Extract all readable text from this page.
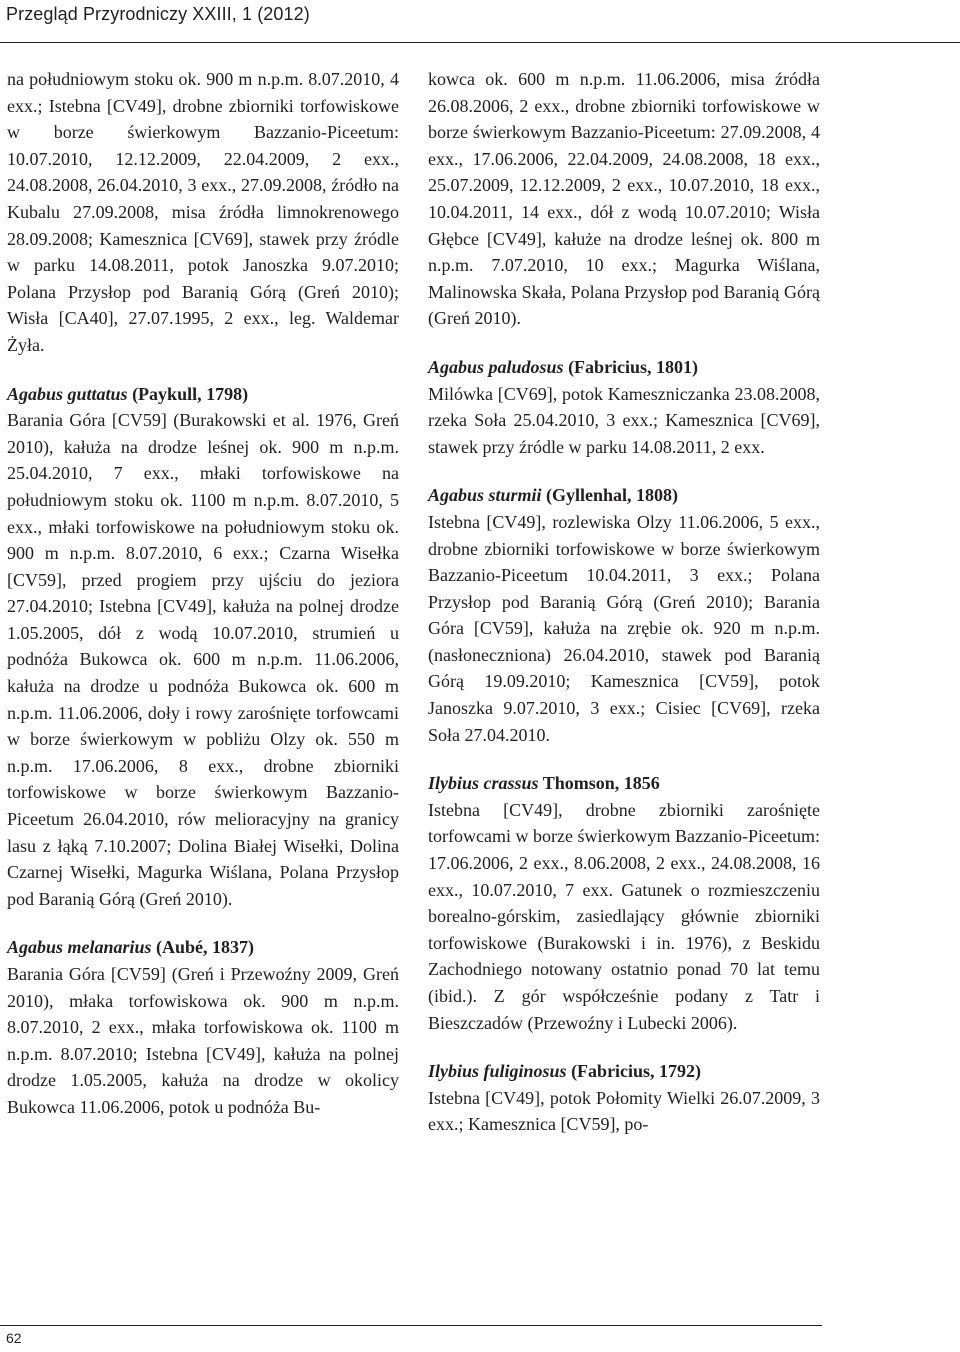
Przegląd Przyrodniczy XXIII, 1 (2012)

na południowym stoku ok. 900 m n.p.m. 8.07.2010, 4 exx.; Istebna [CV49], drobne zbiorniki torfowiskowe w borze świerkowym Bazzanio-Piceetum: 10.07.2010, 12.12.2009, 22.04.2009, 2 exx., 24.08.2008, 26.04.2010, 3 exx., 27.09.2008, źródło na Kubalu 27.09.2008, misa źródła limnokrenowego 28.09.2008; Kamesznica [CV69], stawek przy źródle w parku 14.08.2011, potok Janoszka 9.07.2010; Polana Przysłop pod Baranią Górą (Greń 2010); Wisła [CA40], 27.07.1995, 2 exx., leg. Waldemar Żyła.

Agabus guttatus (Paykull, 1798)

Barania Góra [CV59] (Burakowski et al. 1976, Greń 2010), kałuża na drodze leśnej ok. 900 m n.p.m. 25.04.2010, 7 exx., młaki torfowiskowe na południowym stoku ok. 1100 m n.p.m. 8.07.2010, 5 exx., młaki torfowiskowe na południowym stoku ok. 900 m n.p.m. 8.07.2010, 6 exx.; Czarna Wisełka [CV59], przed progiem przy ujściu do jeziora 27.04.2010; Istebna [CV49], kałuża na polnej drodze 1.05.2005, dół z wodą 10.07.2010, strumień u podnóża Bukowca ok. 600 m n.p.m. 11.06.2006, kałuża na drodze u podnóża Bukowca ok. 600 m n.p.m. 11.06.2006, doły i rowy zarośnięte torfowcami w borze świerkowym w pobliżu Olzy ok. 550 m n.p.m. 17.06.2006, 8 exx., drobne zbiorniki torfowiskowe w borze świerkowym Bazzanio-Piceetum 26.04.2010, rów melioracyjny na granicy lasu z łąką 7.10.2007; Dolina Białej Wisełki, Dolina Czarnej Wisełki, Magurka Wiślana, Polana Przysłop pod Baranią Górą (Greń 2010).

Agabus melanarius (Aubé, 1837)

Barania Góra [CV59] (Greń i Przewoźny 2009, Greń 2010), młaka torfowiskowa ok. 900 m n.p.m. 8.07.2010, 2 exx., młaka torfowiskowa ok. 1100 m n.p.m. 8.07.2010; Istebna [CV49], kałuża na polnej drodze 1.05.2005, kałuża na drodze w okolicy Bukowca 11.06.2006, potok u podnóża Bu-

kowca ok. 600 m n.p.m. 11.06.2006, misa źródła 26.08.2006, 2 exx., drobne zbiorniki torfowiskowe w borze świerkowym Bazzanio-Piceetum: 27.09.2008, 4 exx., 17.06.2006, 22.04.2009, 24.08.2008, 18 exx., 25.07.2009, 12.12.2009, 2 exx., 10.07.2010, 18 exx., 10.04.2011, 14 exx., dół z wodą 10.07.2010; Wisła Głębce [CV49], kałuże na drodze leśnej ok. 800 m n.p.m. 7.07.2010, 10 exx.; Magurka Wiślana, Malinowska Skała, Polana Przysłop pod Baranią Górą (Greń 2010).

Agabus paludosus (Fabricius, 1801)

Milówka [CV69], potok Kameszniczanka 23.08.2008, rzeka Soła 25.04.2010, 3 exx.; Kamesznica [CV69], stawek przy źródle w parku 14.08.2011, 2 exx.

Agabus sturmii (Gyllenhal, 1808)

Istebna [CV49], rozlewiska Olzy 11.06.2006, 5 exx., drobne zbiorniki torfowiskowe w borze świerkowym Bazzanio-Piceetum 10.04.2011, 3 exx.; Polana Przysłop pod Baranią Górą (Greń 2010); Barania Góra [CV59], kałuża na zrębie ok. 920 m n.p.m. (nasłoneczniona) 26.04.2010, stawek pod Baranią Górą 19.09.2010; Kamesznica [CV59], potok Janoszka 9.07.2010, 3 exx.; Cisiec [CV69], rzeka Soła 27.04.2010.

Ilybius crassus Thomson, 1856

Istebna [CV49], drobne zbiorniki zarośnięte torfowcami w borze świerkowym Bazzanio-Piceetum: 17.06.2006, 2 exx., 8.06.2008, 2 exx., 24.08.2008, 16 exx., 10.07.2010, 7 exx. Gatunek o rozmieszczeniu borealno-górskim, zasiedlający głównie zbiorniki torfowiskowe (Burakowski i in. 1976), z Beskidu Zachodniego notowany ostatnio ponad 70 lat temu (ibid.). Z gór współcześnie podany z Tatr i Bieszczadów (Przewoźny i Lubecki 2006).

Ilybius fuliginosus (Fabricius, 1792)

Istebna [CV49], potok Połomity Wielki 26.07.2009, 3 exx.; Kamesznica [CV59], po-

62
